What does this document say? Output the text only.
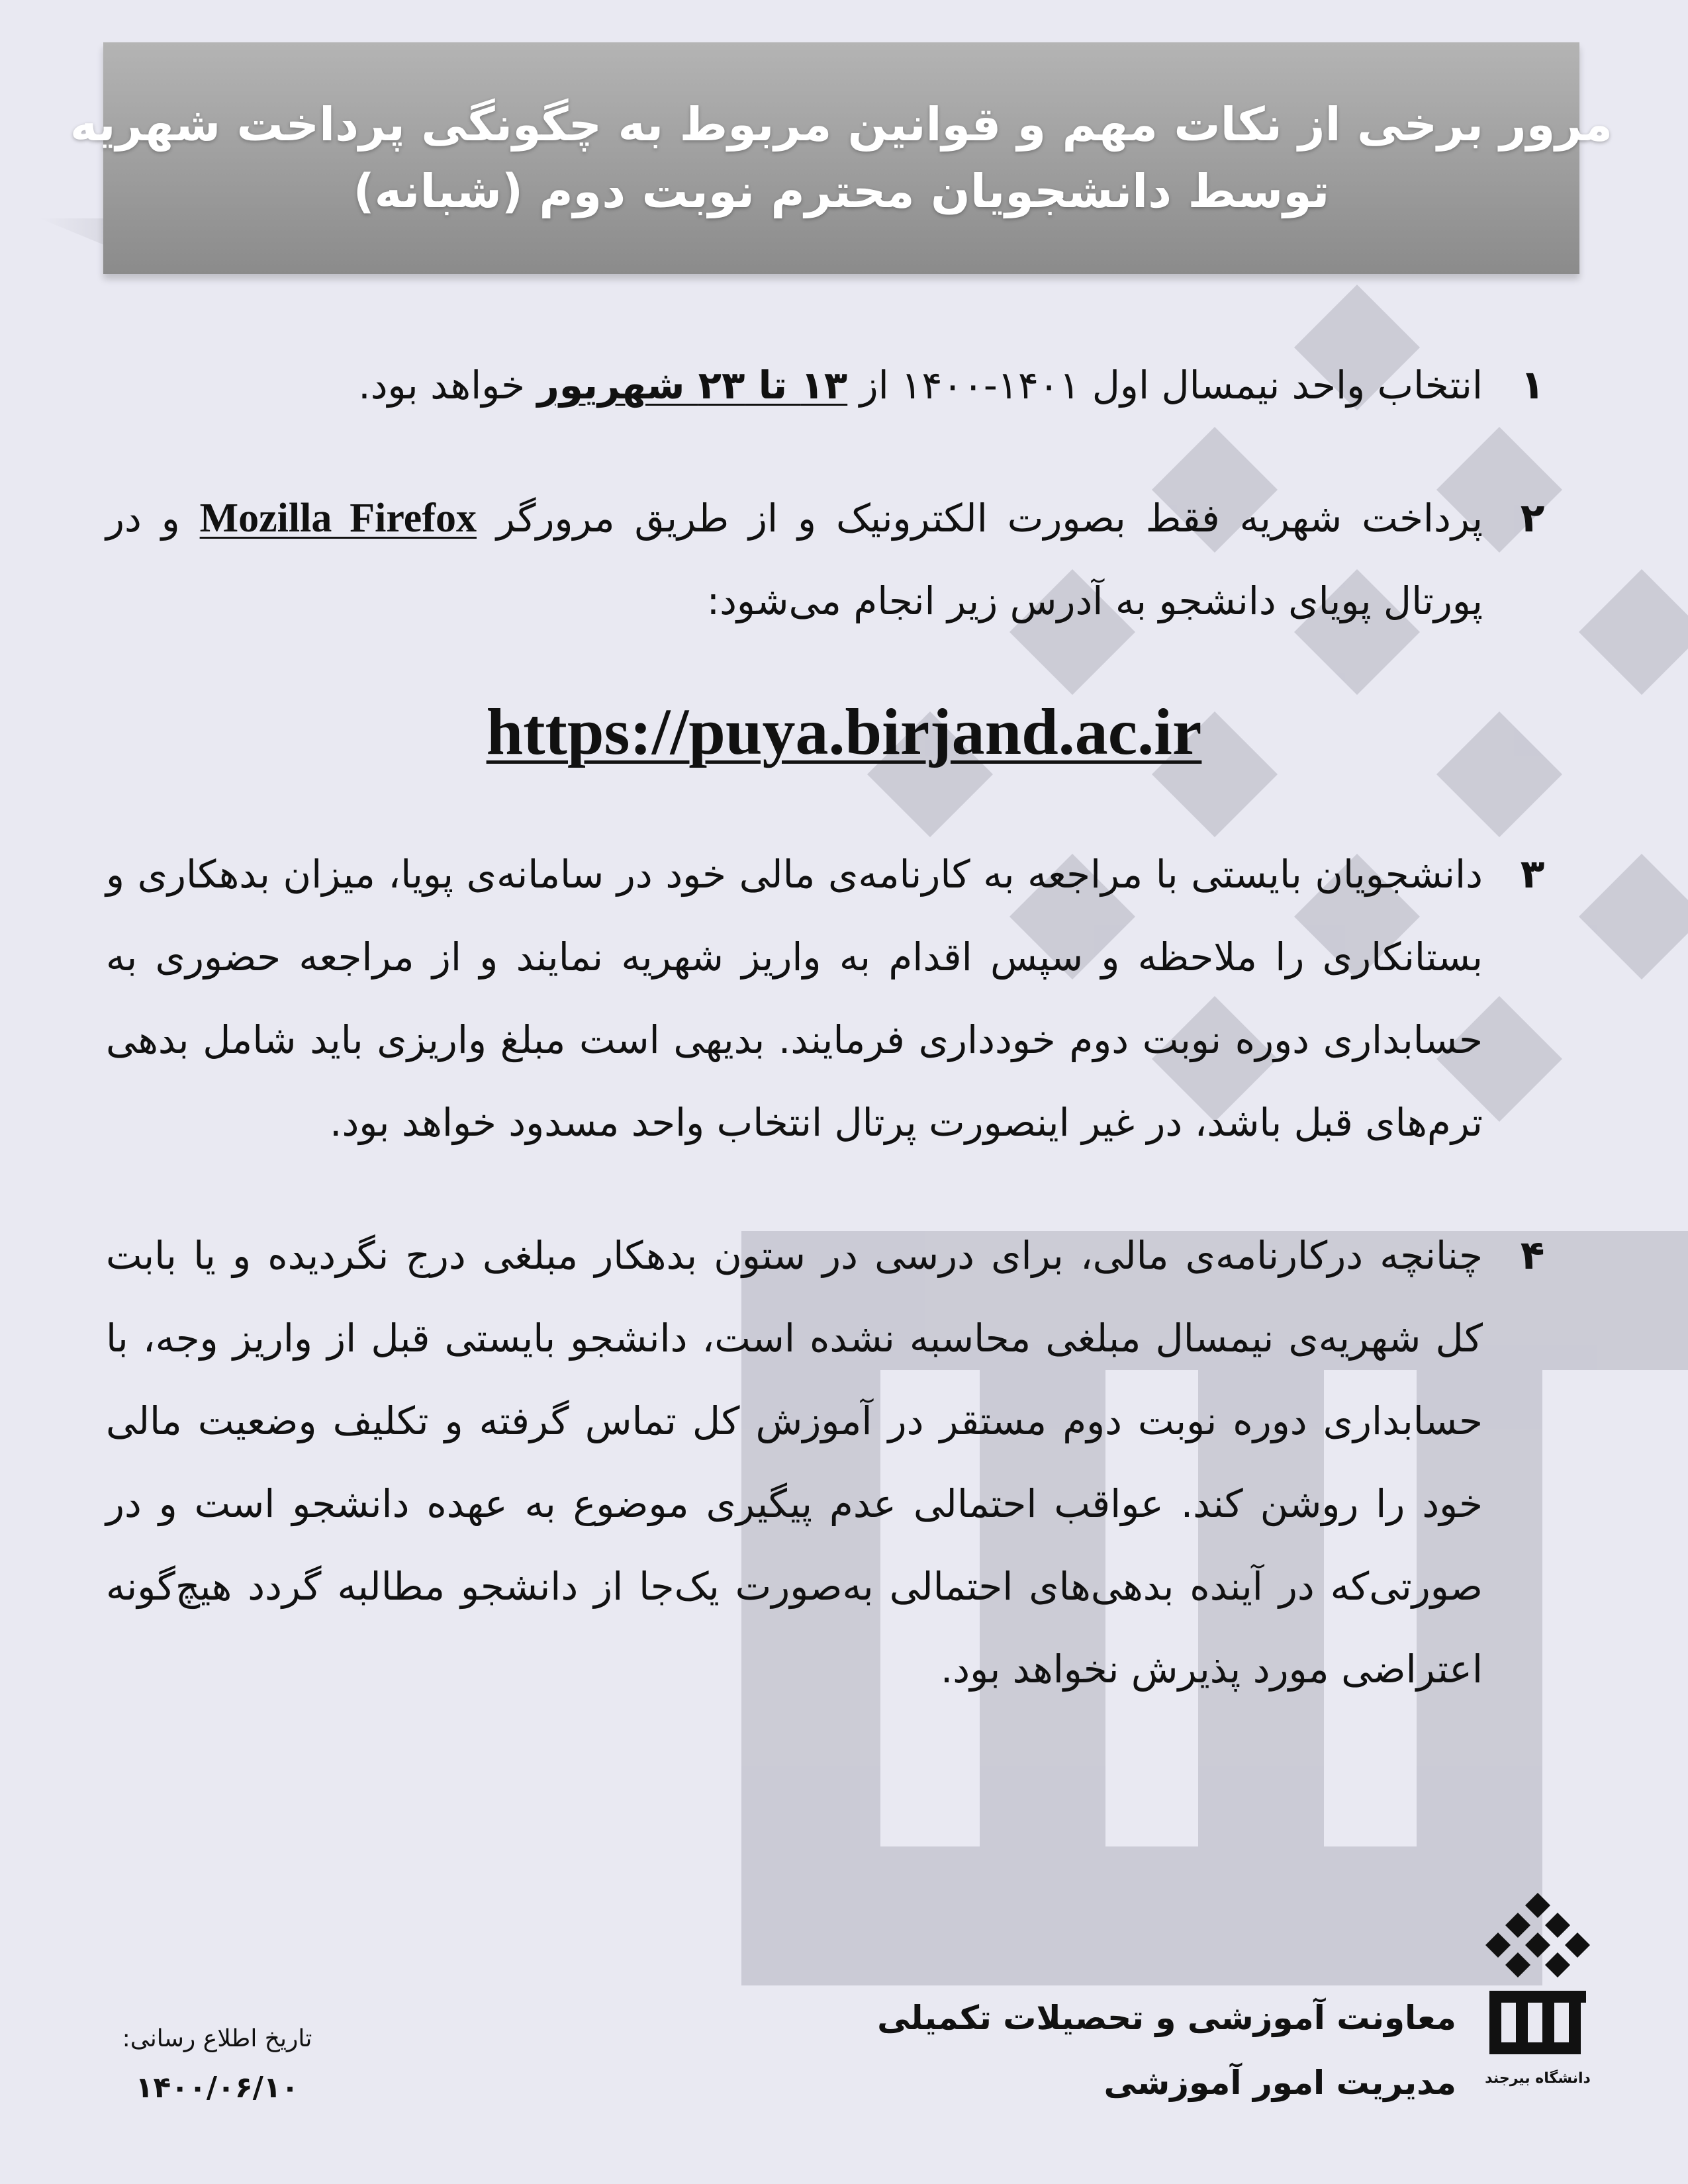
مرور برخی از نکات مهم و قوانین مربوط به چگونگی پرداخت شهریه
توسط دانشجویان محترم نوبت دوم (شبانه)
۱
انتخاب واحد نیمسال اول ۱۴۰۱-۱۴۰۰ از ۱۳ تا ۲۳ شهریور خواهد بود.
۲
پرداخت شهریه فقط بصورت الکترونیک و از طریق مرورگر Mozilla Firefox و در پورتال پویای دانشجو به آدرس زیر انجام می‌شود:
https://puya.birjand.ac.ir
۳
دانشجویان بایستی با مراجعه به کارنامه‌ی مالی خود در سامانه‌ی پویا، میزان بدهکاری و بستانکاری را ملاحظه و سپس اقدام به واریز شهریه نمایند و از مراجعه حضوری به حسابداری دوره نوبت دوم خودداری فرمایند. بدیهی است مبلغ واریزی باید شامل بدهی ترم‌های قبل باشد، در غیر اینصورت پرتال انتخاب واحد مسدود خواهد بود.
۴
چنانچه درکارنامه‌ی مالی، برای درسی در ستون بدهکار مبلغی درج نگردیده و یا بابت کل شهریه‌ی نیمسال مبلغی محاسبه نشده است، دانشجو بایستی قبل از واریز وجه، با حسابداری دوره نوبت دوم مستقر در آموزش کل تماس گرفته و تکلیف وضعیت مالی خود را روشن کند. عواقب احتمالی عدم پیگیری موضوع به عهده دانشجو است و در صورتی‌که در آینده بدهی‌های احتمالی به‌صورت یک‌جا از دانشجو مطالبه گردد هیچ‌گونه اعتراضی مورد پذیرش نخواهد بود.
تاریخ اطلاع رسانی:
۱۴۰۰/۰۶/۱۰
معاونت آموزشی و تحصیلات تکمیلی
مدیریت امور آموزشی دانشگاه بیرجند
